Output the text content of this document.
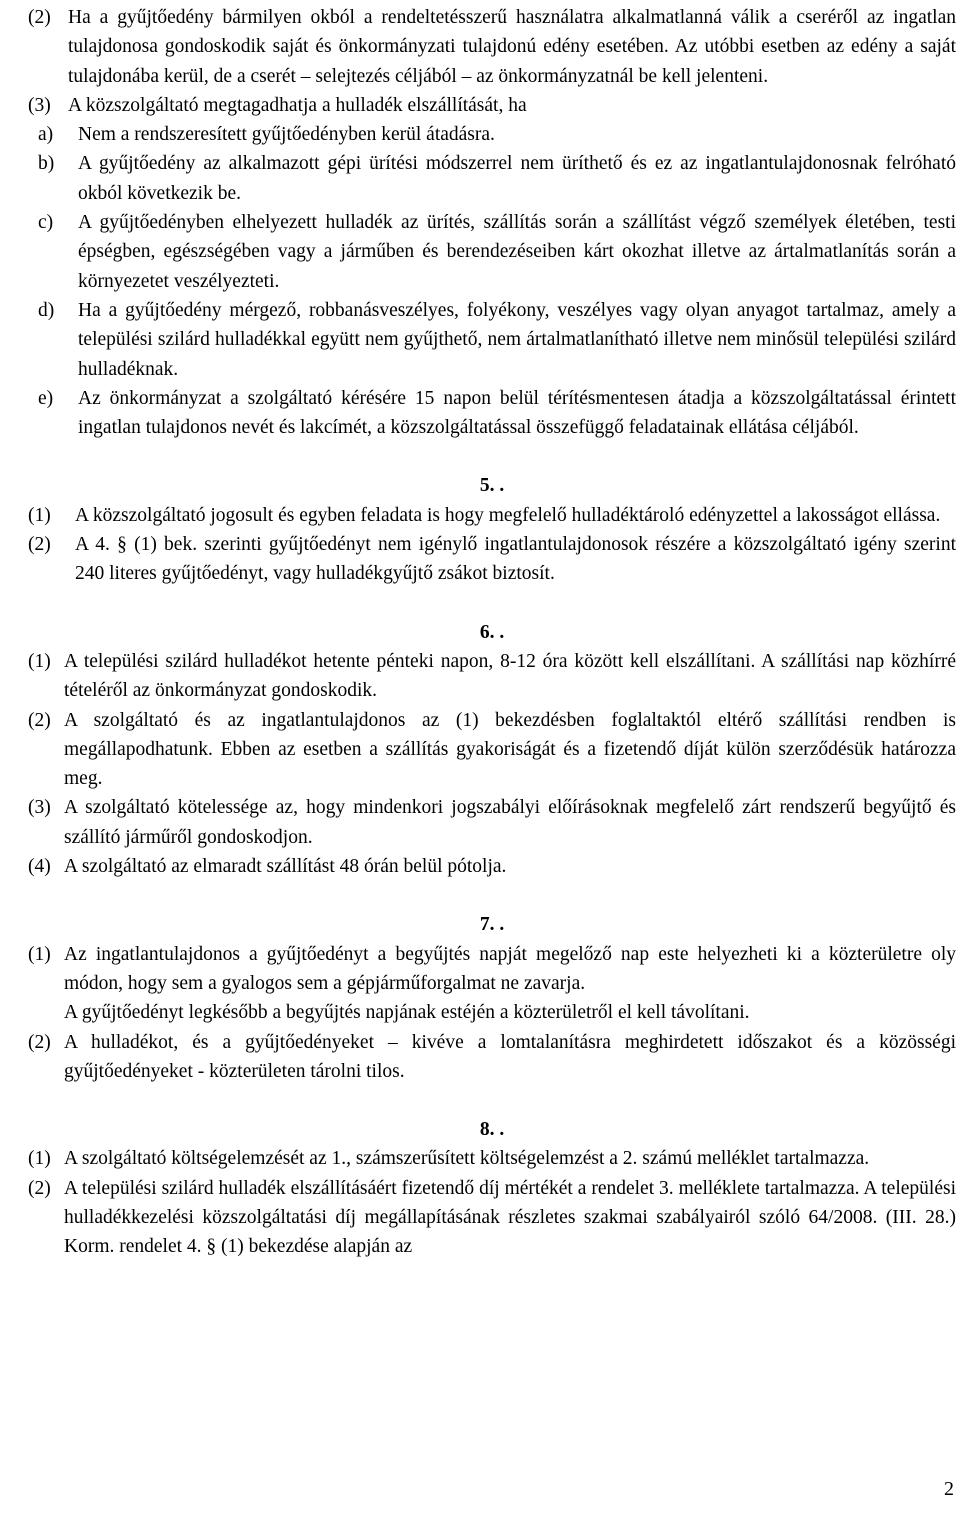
(2) Ha a gyűjtőedény bármilyen okból a rendeltetésszerű használatra alkalmatlanná válik a cseréről az ingatlan tulajdonosa gondoskodik saját és önkormányzati tulajdonú edény esetében. Az utóbbi esetben az edény a saját tulajdonába kerül, de a cserét – selejtezés céljából – az önkormányzatnál be kell jelenteni.
(3) A közszolgáltató megtagadhatja a hulladék elszállítását, ha
a)	Nem a rendszeresített gyűjtőedényben kerül átadásra.
b)	A gyűjtőedény az alkalmazott gépi ürítési módszerrel nem üríthető és ez az ingatlantulajdonosnak felróható okból következik be.
c)	A gyűjtőedényben elhelyezett hulladék az ürítés, szállítás során a szállítást végző személyek életében, testi épségben, egészségében vagy a járműben és berendezéseiben kárt okozhat illetve az ártalmatlanítás során a környezetet veszélyezteti.
d)	Ha a gyűjtőedény mérgező, robbanásveszélyes, folyékony, veszélyes vagy olyan anyagot tartalmaz, amely a települési szilárd hulladékkal együtt nem gyűjthető, nem ártalmatlanítható illetve nem minősül települési szilárd hulladéknak.
e)	Az önkormányzat a szolgáltató kérésére 15 napon belül térítésmentesen átadja a közszolgáltatással érintett ingatlan tulajdonos nevét és lakcímét, a közszolgáltatással összefüggő feladatainak ellátása céljából.
5. .
(1)	A közszolgáltató jogosult és egyben feladata is hogy megfelelő hulladéktároló edényzettel a lakosságot ellássa.
(2)	A 4. § (1) bek. szerinti gyűjtőedényt nem igénylő ingatlantulajdonosok részére a közszolgáltató igény szerint 240 literes gyűjtőedényt, vagy hulladékgyűjtő zsákot biztosít.
6. .
(1) A települési szilárd hulladékot hetente pénteki napon, 8-12 óra között kell elszállítani. A szállítási nap közhírré tételéről az önkormányzat gondoskodik.
(2) A szolgáltató és az ingatlantulajdonos az (1) bekezdésben foglaltaktól eltérő szállítási rendben is megállapodhatunk. Ebben az esetben a szállítás gyakoriságát és a fizetendő díját külön szerződésük határozza meg.
(3) A szolgáltató kötelessége az, hogy mindenkori jogszabályi előírásoknak megfelelő zárt rendszerű begyűjtő és szállító járműről gondoskodjon.
(4) A szolgáltató az elmaradt szállítást 48 órán belül pótolja.
7. .
(1) Az ingatlantulajdonos a gyűjtőedényt a begyűjtés napját megelőző nap este helyezheti ki a közterületre oly módon, hogy sem a gyalogos sem a gépjárműforgalmat ne zavarja.
A gyűjtőedényt legkésőbb a begyűjtés napjának estéjén a közterületről el kell távolítani.
(2) A hulladékot, és a gyűjtőedényeket – kivéve a lomtalanításra meghirdetett időszakot és a közösségi gyűjtőedényeket - közterületen tárolni tilos.
8. .
(1) A szolgáltató költségelemzését az 1., számszerűsített költségelemzést a 2. számú melléklet tartalmazza.
(2) A települési szilárd hulladék elszállításáért fizetendő díj mértékét a rendelet 3. melléklete tartalmazza. A települési hulladékkezelési közszolgáltatási díj megállapításának részletes szakmai szabályairól szóló 64/2008. (III. 28.) Korm. rendelet 4. § (1) bekezdése alapján az
2
